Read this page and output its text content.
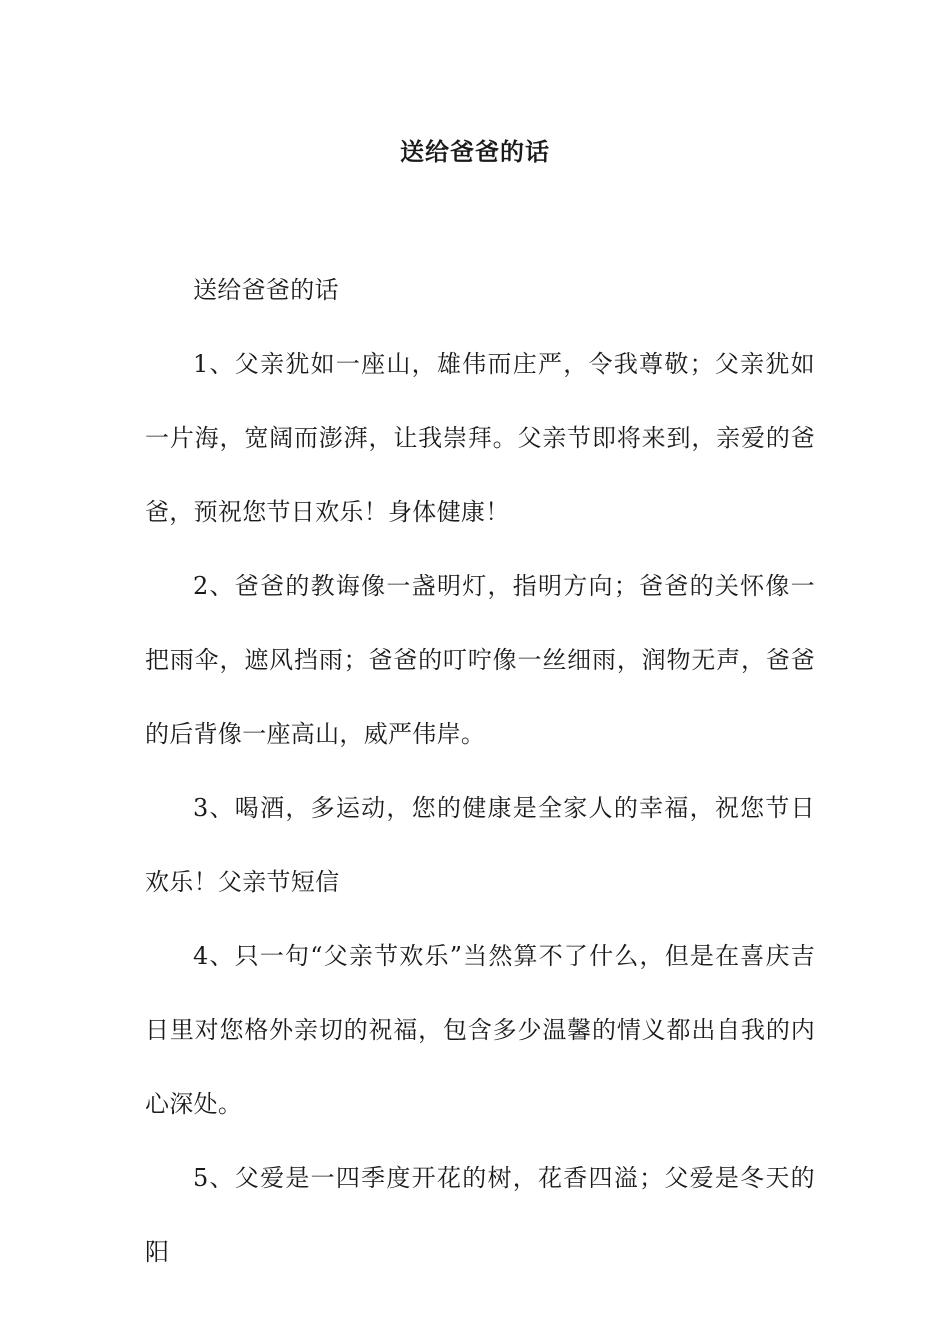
送给爸爸的话

送给爸爸的话

1、父亲犹如一座山，雄伟而庄严，令我尊敬；父亲犹如一片海，宽阔而澎湃，让我崇拜。父亲节即将来到，亲爱的爸爸，预祝您节日欢乐！身体健康！

2、爸爸的教诲像一盏明灯，指明方向；爸爸的关怀像一把雨伞，遮风挡雨；爸爸的叮咛像一丝细雨，润物无声，爸爸的后背像一座高山，威严伟岸。

3、喝酒，多运动，您的健康是全家人的幸福，祝您节日欢乐！父亲节短信

4、只一句“父亲节欢乐”当然算不了什么，但是在喜庆吉日里对您格外亲切的祝福，包含多少温馨的情义都出自我的内心深处。

5、父爱是一四季度开花的树，花香四溢；父爱是冬天的阳
